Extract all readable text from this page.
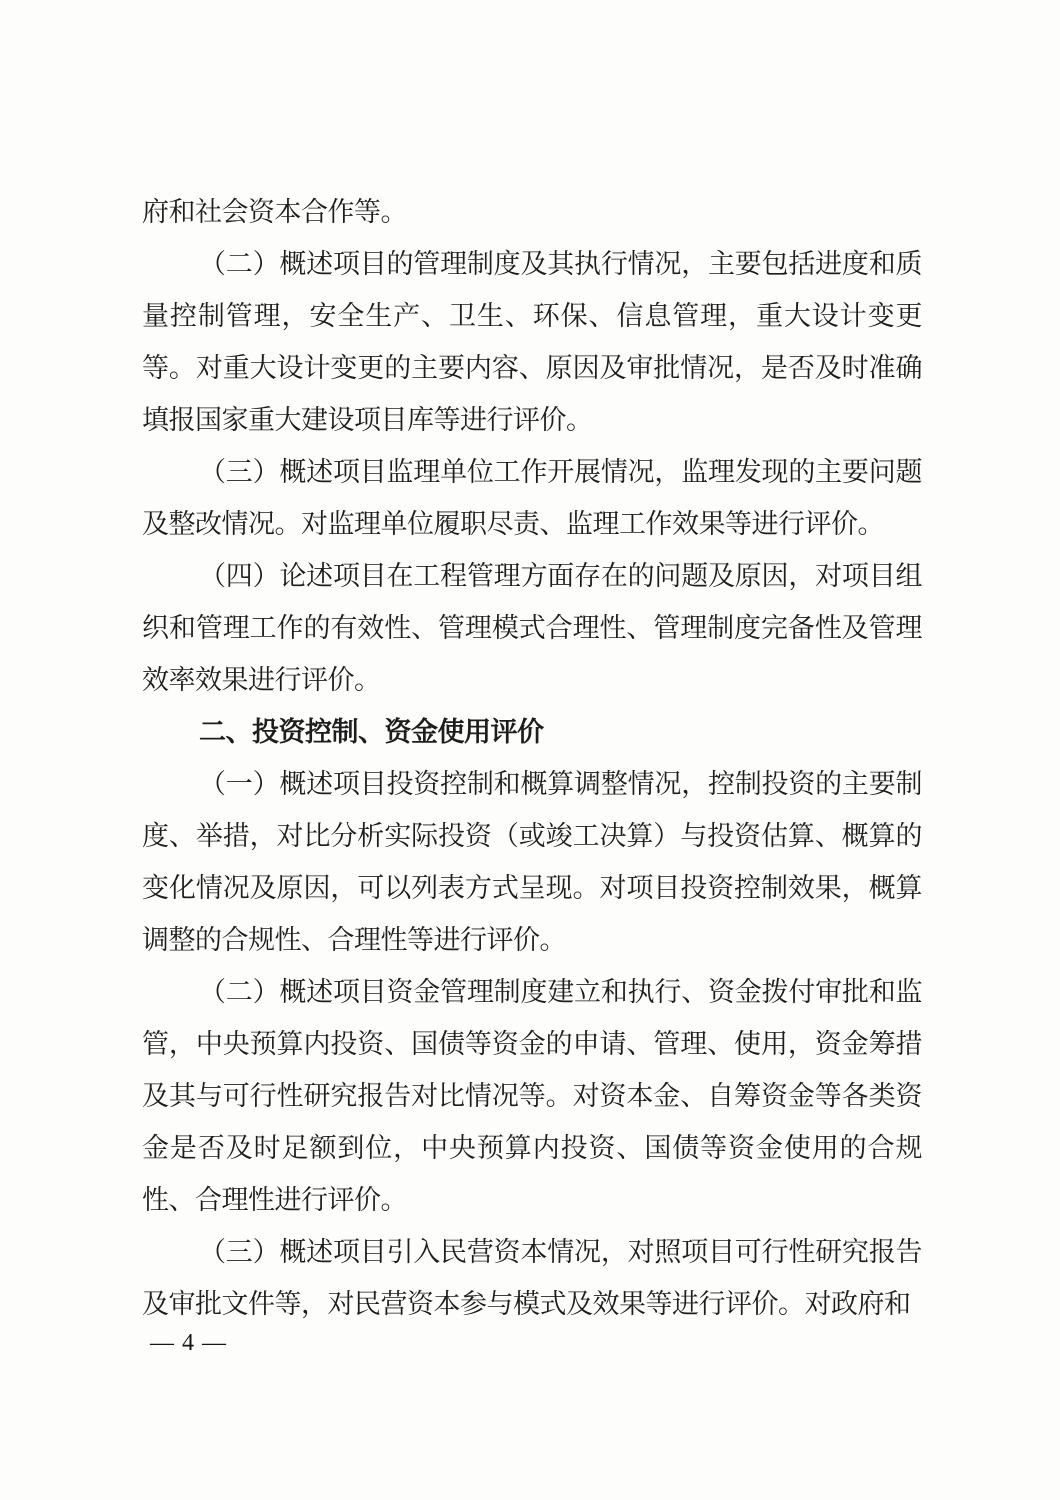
府和社会资本合作等。

（二）概述项目的管理制度及其执行情况，主要包括进度和质量控制管理，安全生产、卫生、环保、信息管理，重大设计变更等。对重大设计变更的主要内容、原因及审批情况，是否及时准确填报国家重大建设项目库等进行评价。

（三）概述项目监理单位工作开展情况，监理发现的主要问题及整改情况。对监理单位履职尽责、监理工作效果等进行评价。

（四）论述项目在工程管理方面存在的问题及原因，对项目组织和管理工作的有效性、管理模式合理性、管理制度完备性及管理效率效果进行评价。

二、投资控制、资金使用评价

（一）概述项目投资控制和概算调整情况，控制投资的主要制度、举措，对比分析实际投资（或竣工决算）与投资估算、概算的变化情况及原因，可以列表方式呈现。对项目投资控制效果，概算调整的合规性、合理性等进行评价。

（二）概述项目资金管理制度建立和执行、资金拨付审批和监管，中央预算内投资、国债等资金的申请、管理、使用，资金筹措及其与可行性研究报告对比情况等。对资本金、自筹资金等各类资金是否及时足额到位，中央预算内投资、国债等资金使用的合规性、合理性进行评价。

（三）概述项目引入民营资本情况，对照项目可行性研究报告及审批文件等，对民营资本参与模式及效果等进行评价。对政府和

— 4 —
